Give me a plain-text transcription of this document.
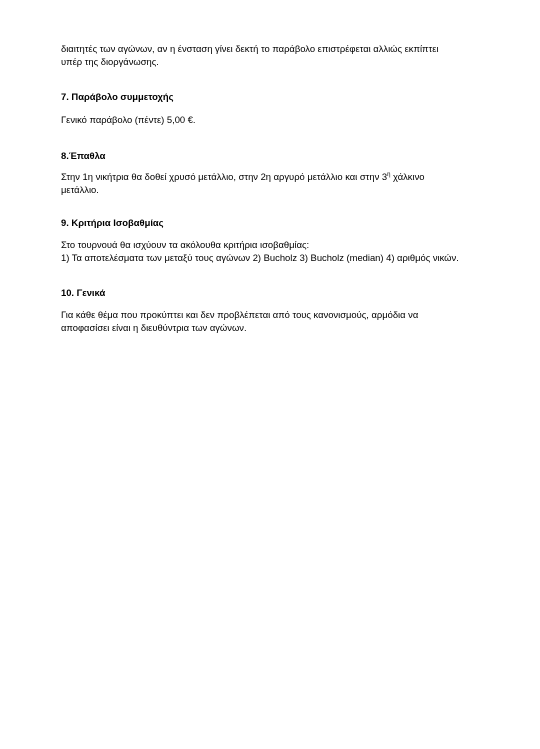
διαιτητές των αγώνων, αν η ένσταση γίνει δεκτή το παράβολο επιστρέφεται αλλιώς εκπίπτει
υπέρ της διοργάνωσης.
7. Παράβολο συμμετοχής
Γενικό παράβολο (πέντε) 5,00 €.
8.Έπαθλα
Στην 1η νικήτρια θα δοθεί χρυσό μετάλλιο, στην 2η αργυρό μετάλλιο και στην $3^\eta$ χάλκινο
μετάλλιο.
9. Κριτήρια Ισοβαθμίας
Στο τουρνουά θα ισχύουν τα ακόλουθα κριτήρια ισοβαθμίας:
1) Τα αποτελέσματα των μεταξύ τους αγώνων 2) Bucholz 3) Bucholz (median) 4) αριθμός νικών.
10. Γενικά
Για κάθε θέμα που προκύπτει και δεν προβλέπεται από τους κανονισμούς, αρμόδια να
αποφασίσει είναι η διευθύντρια των αγώνων.
